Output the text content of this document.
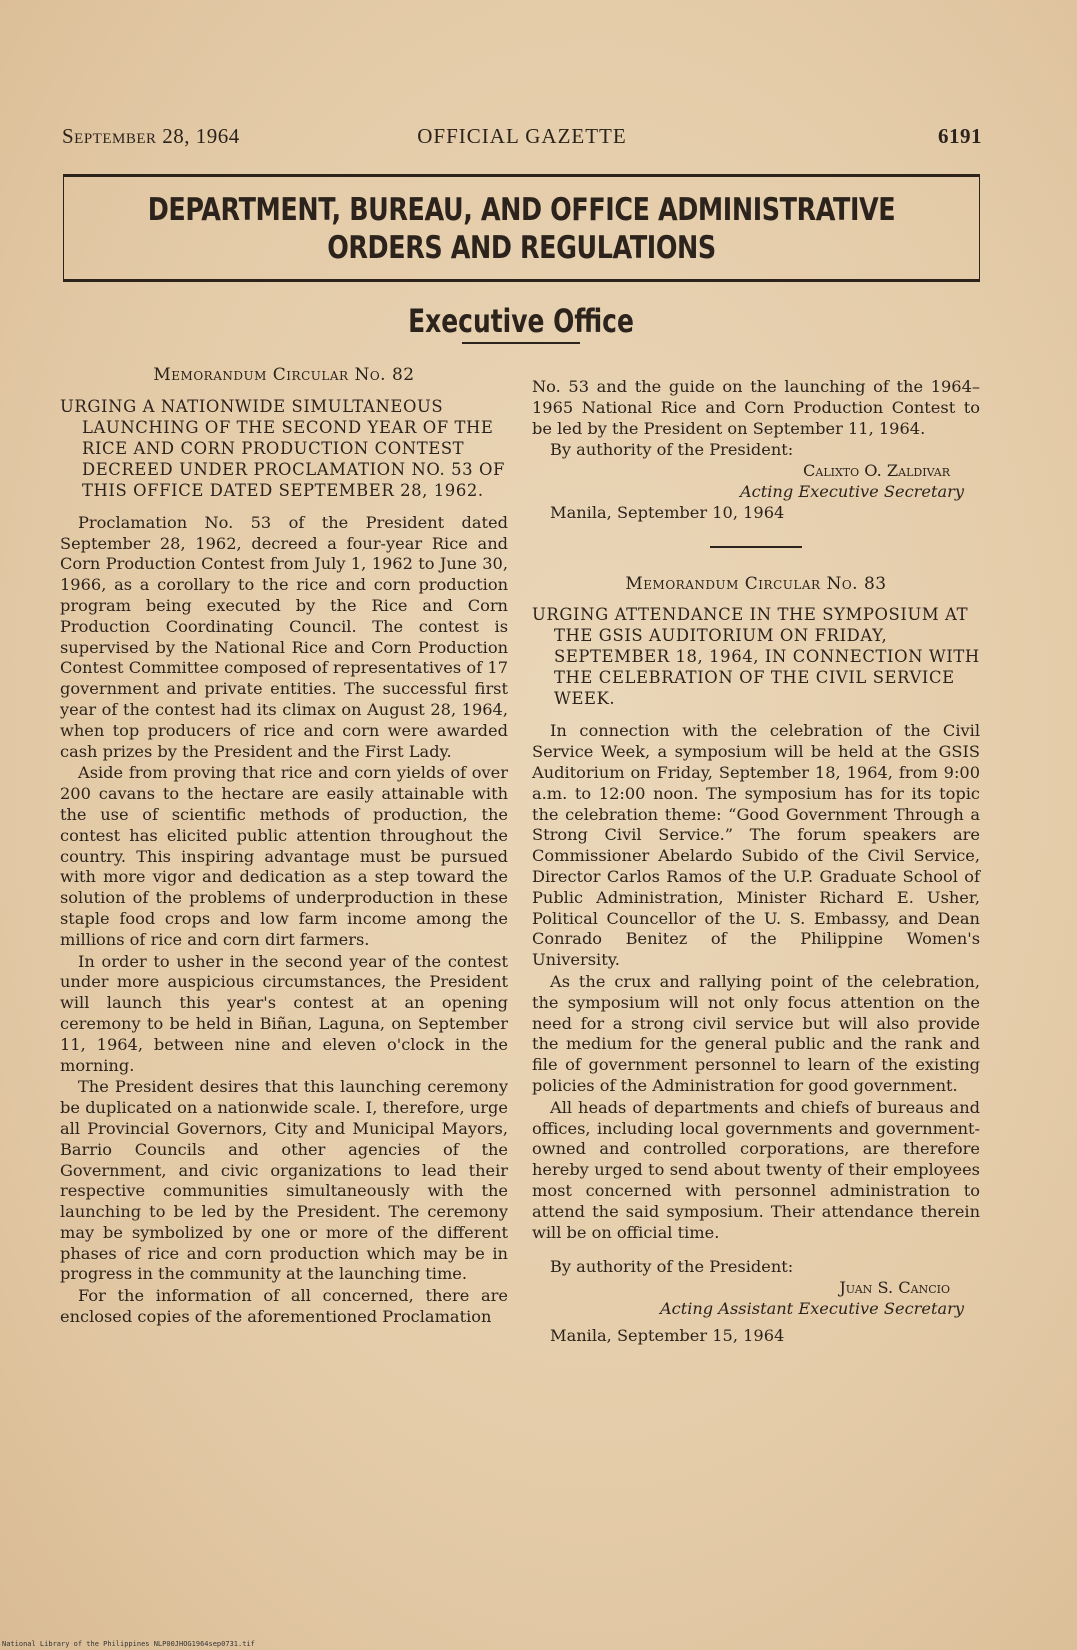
September 28, 1964	OFFICIAL GAZETTE	6191
DEPARTMENT, BUREAU, AND OFFICE ADMINISTRATIVE
ORDERS AND REGULATIONS
Executive Office
Memorandum Circular No. 82
URGING A NATIONWIDE SIMULTANEOUS LAUNCHING OF THE SECOND YEAR OF THE RICE AND CORN PRODUCTION CONTEST DECREED UNDER PROCLAMATION NO. 53 OF THIS OFFICE DATED SEPTEMBER 28, 1962.

Proclamation No. 53 of the President dated September 28, 1962, decreed a four-year Rice and Corn Production Contest from July 1, 1962 to June 30, 1966, as a corollary to the rice and corn production program being executed by the Rice and Corn Production Coordinating Council. The contest is supervised by the National Rice and Corn Production Contest Committee composed of representatives of 17 government and private entities. The successful first year of the contest had its climax on August 28, 1964, when top producers of rice and corn were awarded cash prizes by the President and the First Lady.

Aside from proving that rice and corn yields of over 200 cavans to the hectare are easily attainable with the use of scientific methods of production, the contest has elicited public attention throughout the country. This inspiring advantage must be pursued with more vigor and dedication as a step toward the solution of the problems of underproduction in these staple food crops and low farm income among the millions of rice and corn dirt farmers.

In order to usher in the second year of the contest under more auspicious circumstances, the President will launch this year's contest at an opening ceremony to be held in Biñan, Laguna, on September 11, 1964, between nine and eleven o'clock in the morning.

The President desires that this launching ceremony be duplicated on a nationwide scale. I, therefore, urge all Provincial Governors, City and Municipal Mayors, Barrio Councils and other agencies of the Government, and civic organizations to lead their respective communities simultaneously with the launching to be led by the President. The ceremony may be symbolized by one or more of the different phases of rice and corn production which may be in progress in the community at the launching time.

For the information of all concerned, there are enclosed copies of the aforementioned Proclamation

No. 53 and the guide on the launching of the 1964–1965 National Rice and Corn Production Contest to be led by the President on September 11, 1964.

By authority of the President:

Calixto O. Zaldivar
Acting Executive Secretary

Manila, September 10, 1964

Memorandum Circular No. 83
URGING ATTENDANCE IN THE SYMPOSIUM AT THE GSIS AUDITORIUM ON FRIDAY, SEPTEMBER 18, 1964, IN CONNECTION WITH THE CELEBRATION OF THE CIVIL SERVICE WEEK.

In connection with the celebration of the Civil Service Week, a symposium will be held at the GSIS Auditorium on Friday, September 18, 1964, from 9:00 a.m. to 12:00 noon. The symposium has for its topic the celebration theme: “Good Government Through a Strong Civil Service.” The forum speakers are Commissioner Abelardo Subido of the Civil Service, Director Carlos Ramos of the U.P. Graduate School of Public Administration, Minister Richard E. Usher, Political Councellor of the U. S. Embassy, and Dean Conrado Benitez of the Philippine Women's University.

As the crux and rallying point of the celebration, the symposium will not only focus attention on the need for a strong civil service but will also provide the medium for the general public and the rank and file of government personnel to learn of the existing policies of the Administration for good government.

All heads of departments and chiefs of bureaus and offices, including local governments and government-owned and controlled corporations, are therefore hereby urged to send about twenty of their employees most concerned with personnel administration to attend the said symposium. Their attendance therein will be on official time.

By authority of the President:

Juan S. Cancio
Acting Assistant Executive Secretary

Manila, September 15, 1964

National Library of the Philippines NLP00JHOG1964sep0731.tif
